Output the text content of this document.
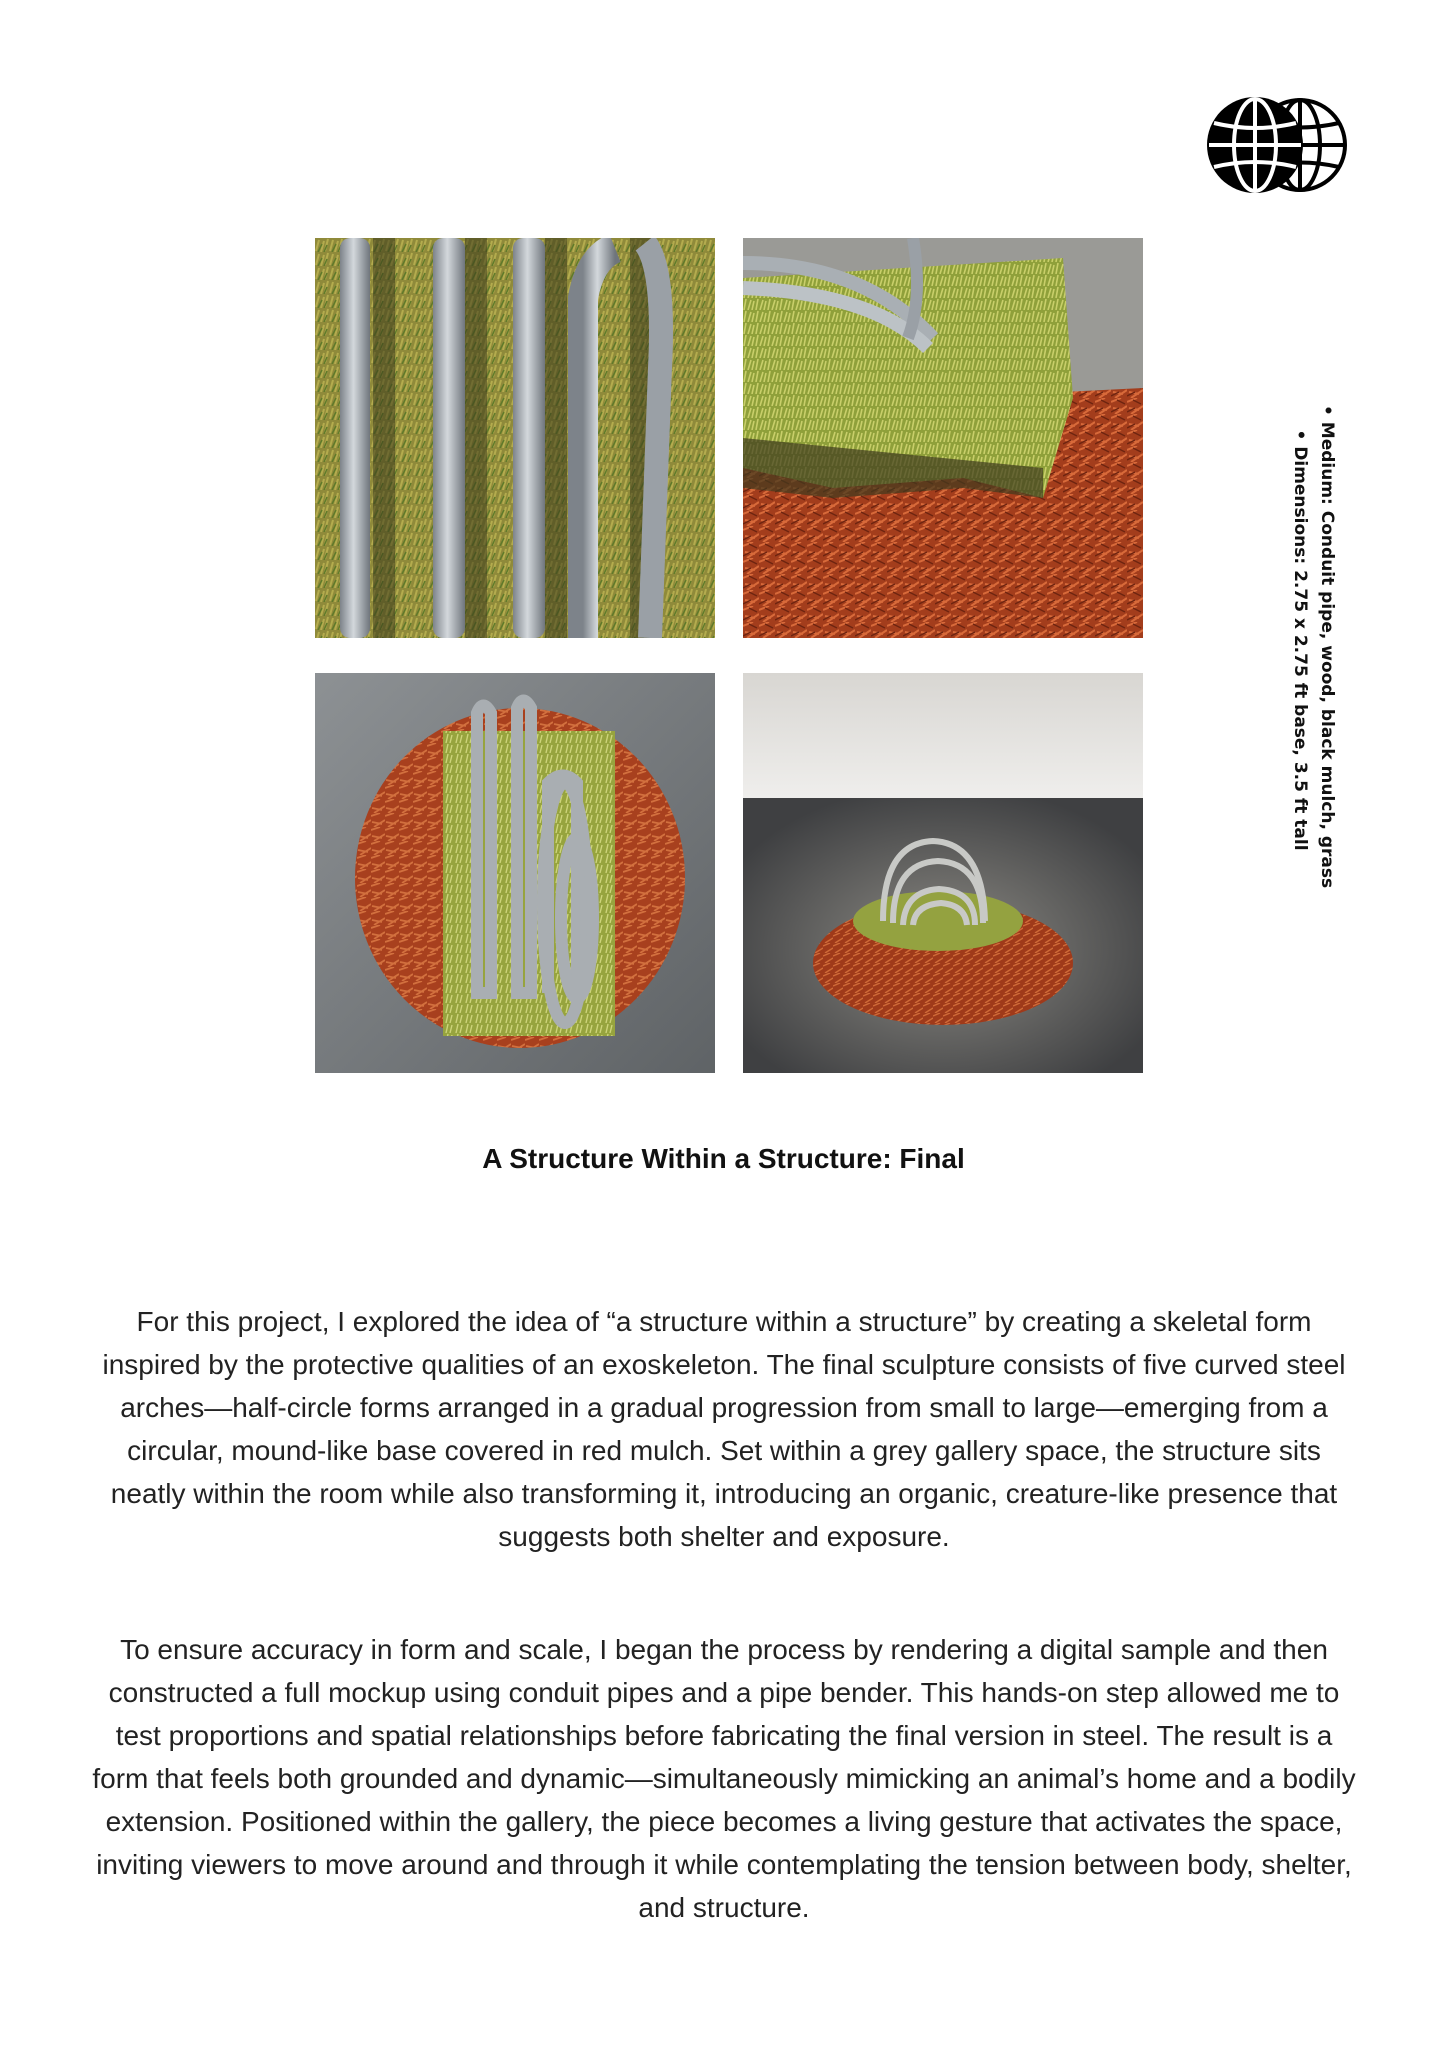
• Medium: Conduit pipe, wood, black mulch, grass
• Dimensions: 2.75 x 2.75 ft base, 3.5 ft tall
A Structure Within a Structure: Final
For this project, I explored the idea of “a structure within a structure” by creating a skeletal form inspired by the protective qualities of an exoskeleton. The final sculpture consists of five curved steel arches—half-circle forms arranged in a gradual progression from small to large—emerging from a circular, mound-like base covered in red mulch. Set within a grey gallery space, the structure sits neatly within the room while also transforming it, introducing an organic, creature-like presence that suggests both shelter and exposure.
To ensure accuracy in form and scale, I began the process by rendering a digital sample and then constructed a full mockup using conduit pipes and a pipe bender. This hands-on step allowed me to test proportions and spatial relationships before fabricating the final version in steel. The result is a form that feels both grounded and dynamic—simultaneously mimicking an animal’s home and a bodily extension. Positioned within the gallery, the piece becomes a living gesture that activates the space, inviting viewers to move around and through it while contemplating the tension between body, shelter, and structure.
